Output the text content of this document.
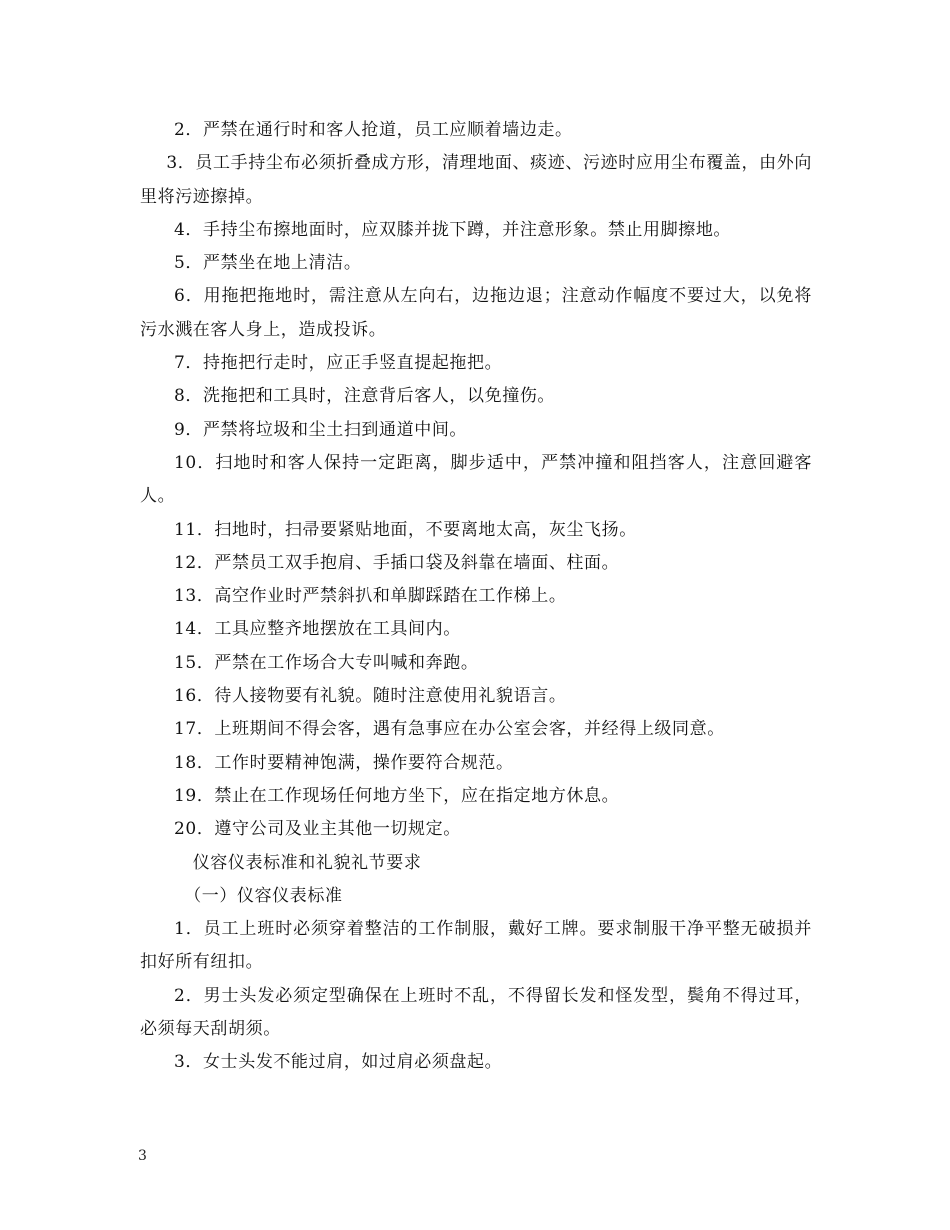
2．严禁在通行时和客人抢道，员工应顺着墙边走。

3．员工手持尘布必须折叠成方形，清理地面、痰迹、污迹时应用尘布覆盖，由外向里将污迹擦掉。

4．手持尘布擦地面时，应双膝并拢下蹲，并注意形象。禁止用脚擦地。

5．严禁坐在地上清洁。

6．用拖把拖地时，需注意从左向右，边拖边退；注意动作幅度不要过大，以免将污水溅在客人身上，造成投诉。

7．持拖把行走时，应正手竖直提起拖把。

8．洗拖把和工具时，注意背后客人，以免撞伤。

9．严禁将垃圾和尘土扫到通道中间。

10．扫地时和客人保持一定距离，脚步适中，严禁冲撞和阻挡客人，注意回避客人。

11．扫地时，扫帚要紧贴地面，不要离地太高，灰尘飞扬。

12．严禁员工双手抱肩、手插口袋及斜靠在墙面、柱面。

13．高空作业时严禁斜扒和单脚踩踏在工作梯上。

14．工具应整齐地摆放在工具间内。

15．严禁在工作场合大专叫喊和奔跑。

16．待人接物要有礼貌。随时注意使用礼貌语言。

17．上班期间不得会客，遇有急事应在办公室会客，并经得上级同意。

18．工作时要精神饱满，操作要符合规范。

19．禁止在工作现场任何地方坐下，应在指定地方休息。

20．遵守公司及业主其他一切规定。

仪容仪表标准和礼貌礼节要求

（一）仪容仪表标准

1．员工上班时必须穿着整洁的工作制服，戴好工牌。要求制服干净平整无破损并扣好所有纽扣。

2．男士头发必须定型确保在上班时不乱，不得留长发和怪发型，鬓角不得过耳，必须每天刮胡须。

3．女士头发不能过肩，如过肩必须盘起。

3
